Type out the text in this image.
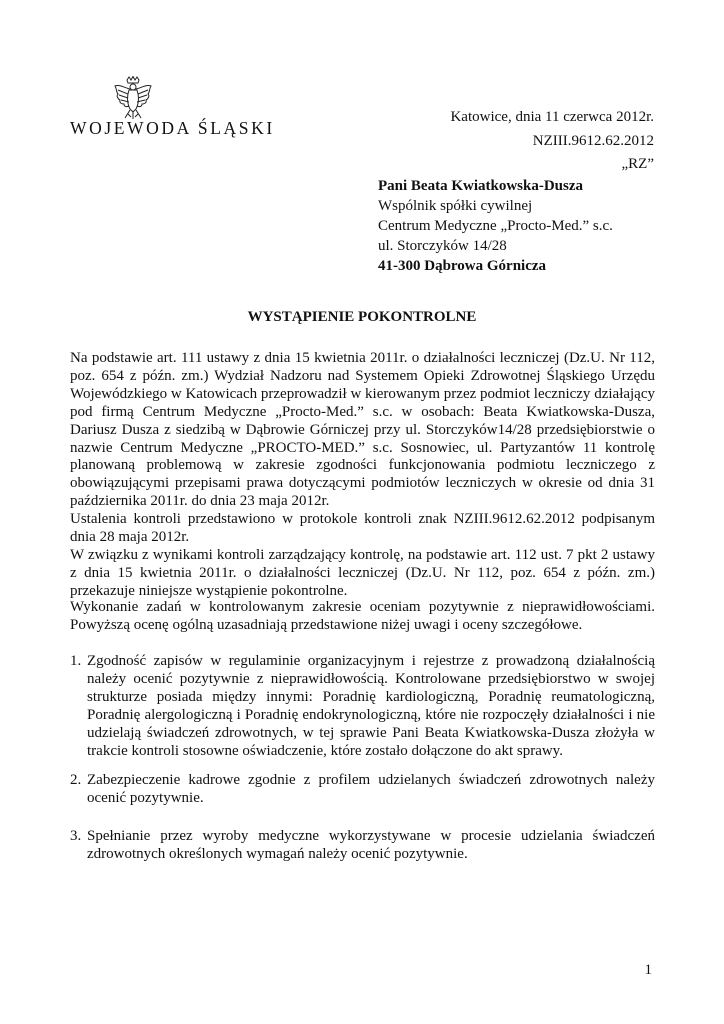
WOJEWODA ŚLĄSKI
Katowice, dnia 11 czerwca 2012r.
NZIII.9612.62.2012
„RZ”
Pani Beata Kwiatkowska-Dusza
Wspólnik spółki cywilnej
Centrum Medyczne „Procto-Med.” s.c.
ul. Storczyków 14/28
41-300 Dąbrowa Górnicza
WYSTĄPIENIE POKONTROLNE
Na podstawie art. 111 ustawy z dnia 15 kwietnia 2011r. o działalności leczniczej (Dz.U. Nr 112, poz. 654 z późn. zm.) Wydział Nadzoru nad Systemem Opieki Zdrowotnej Śląskiego Urzędu Wojewódzkiego w Katowicach przeprowadził w kierowanym przez podmiot leczniczy działający pod firmą Centrum Medyczne „Procto-Med.” s.c. w osobach: Beata Kwiatkowska-Dusza, Dariusz Dusza z siedzibą w Dąbrowie Górniczej przy ul. Storczyków14/28 przedsiębiorstwie o nazwie Centrum Medyczne „PROCTO-MED.” s.c. Sosnowiec, ul. Partyzantów 11 kontrolę planowaną problemową w zakresie zgodności funkcjonowania podmiotu leczniczego z obowiązującymi przepisami prawa dotyczącymi podmiotów leczniczych w okresie od dnia 31 października 2011r. do dnia 23 maja 2012r.
Ustalenia kontroli przedstawiono w protokole kontroli znak NZIII.9612.62.2012 podpisanym dnia 28 maja 2012r.
W związku z wynikami kontroli zarządzający kontrolę, na podstawie art. 112 ust. 7 pkt 2 ustawy z dnia 15 kwietnia 2011r. o działalności leczniczej (Dz.U. Nr 112, poz. 654 z późn. zm.) przekazuje niniejsze wystąpienie pokontrolne.
Wykonanie zadań w kontrolowanym zakresie oceniam pozytywnie z nieprawidłowościami. Powyższą ocenę ogólną uzasadniają przedstawione niżej uwagi i oceny szczegółowe.
1. Zgodność zapisów w regulaminie organizacyjnym i rejestrze z prowadzoną działalnością należy ocenić pozytywnie z nieprawidłowością. Kontrolowane przedsiębiorstwo w swojej strukturze posiada między innymi: Poradnię kardiologiczną, Poradnię reumatologiczną, Poradnię alergologiczną i Poradnię endokrynologiczną, które nie rozpoczęły działalności i nie udzielają świadczeń zdrowotnych, w tej sprawie Pani Beata Kwiatkowska-Dusza złożyła w trakcie kontroli stosowne oświadczenie, które zostało dołączone do akt sprawy.
2. Zabezpieczenie kadrowe zgodnie z profilem udzielanych świadczeń zdrowotnych należy ocenić pozytywnie.
3. Spełnianie przez wyroby medyczne wykorzystywane w procesie udzielania świadczeń zdrowotnych określonych wymagań należy ocenić pozytywnie.
1
